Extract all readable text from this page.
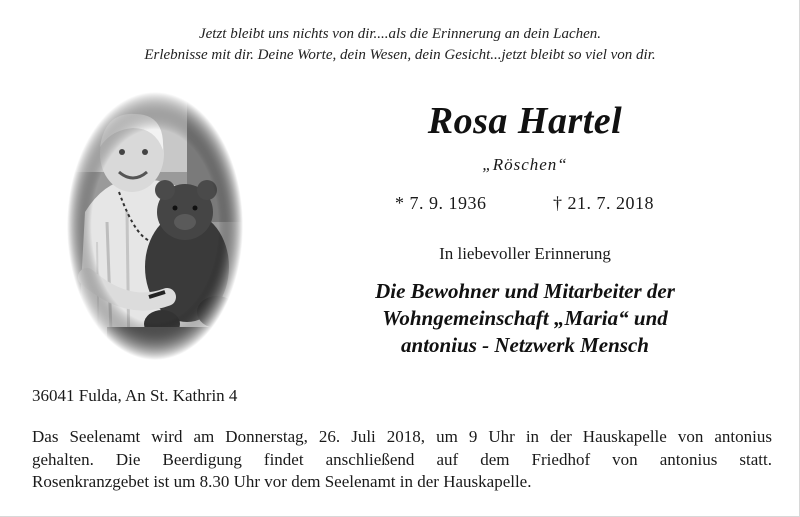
Jetzt bleibt uns nichts von dir....als die Erinnerung an dein Lachen.
Erlebnisse mit dir. Deine Worte, dein Wesen, dein Gesicht...jetzt bleibt so viel von dir.
Rosa Hartel
„Röschen“
* 7. 9. 1936	† 21. 7. 2018
In liebevoller Erinnerung
Die Bewohner und Mitarbeiter der
Wohngemeinschaft „Maria“ und
antonius - Netzwerk Mensch
36041 Fulda, An St. Kathrin 4
Das Seelenamt wird am Donnerstag, 26. Juli 2018, um 9 Uhr in der Hauskapelle von antonius
gehalten. Die Beerdigung findet anschließend auf dem Friedhof von antonius statt.
Rosenkranzgebet ist um 8.30 Uhr vor dem Seelenamt in der Hauskapelle.
